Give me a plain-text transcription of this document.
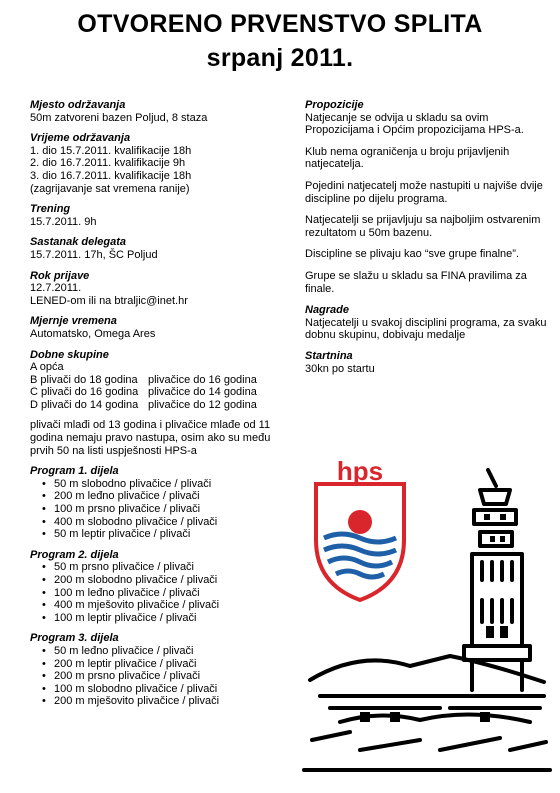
OTVORENO PRVENSTVO SPLITA
srpanj 2011.
Mjesto održavanja
50m zatvoreni bazen Poljud, 8 staza
Vrijeme održavanja
1. dio 15.7.2011. kvalifikacije 18h
2. dio 16.7.2011. kvalifikacije 9h
3. dio 16.7.2011. kvalifikacije 18h
(zagrijavanje sat vremena ranije)
Trening
15.7.2011. 9h
Sastanak delegata
15.7.2011. 17h, ŠC Poljud
Rok prijave
12.7.2011.
LENED-om ili na btraljic@inet.hr
Mjernje vremena
Automatsko, Omega Ares
Dobne skupine
A opća
B plivači do 18 godina plivačice do 16 godina
C plivači do 16 godina plivačice do 14 godina
D plivači do 14 godina plivačice do 12 godina
plivači mlađi od 13 godina i plivačice mlađe od 11 godina nemaju pravo nastupa, osim ako su među prvih 50 na listi uspješnosti HPS-a
Program 1. dijela
• 50 m slobodno plivačice / plivači
• 200 m leđno plivačice / plivači
• 100 m prsno plivačice / plivači
• 400 m slobodno plivačice / plivači
• 50 m leptir plivačice / plivači
Program 2. dijela
• 50 m prsno plivačice / plivači
• 200 m slobodno plivačice / plivači
• 100 m leđno plivačice / plivači
• 400 m mješovito plivačice / plivači
• 100 m leptir plivačice / plivači
Program 3. dijela
• 50 m leđno plivačice / plivači
• 200 m leptir plivačice / plivači
• 200 m prsno plivačice / plivači
• 100 m slobodno plivačice / plivači
• 200 m mješovito plivačice / plivači
Propozicije
Natjecanje se odvija u skladu sa ovim Propozicijama i Općim propozicijama HPS-a.
Klub nema ograničenja u broju prijavljenih natjecatelja.
Pojedini natjecatelj može nastupiti u najviše dvije discipline po dijelu programa.
Natjecatelji se prijavljuju sa najboljim ostvarenim rezultatom u 50m bazenu.
Discipline se plivaju kao “sve grupe finalne”.
Grupe se slažu u skladu sa FINA pravilima za finale.
Nagrade
Natjecatelji u svakoj disciplini programa, za svaku dobnu skupinu, dobivaju medalje
Startnina
30kn po startu
hps
